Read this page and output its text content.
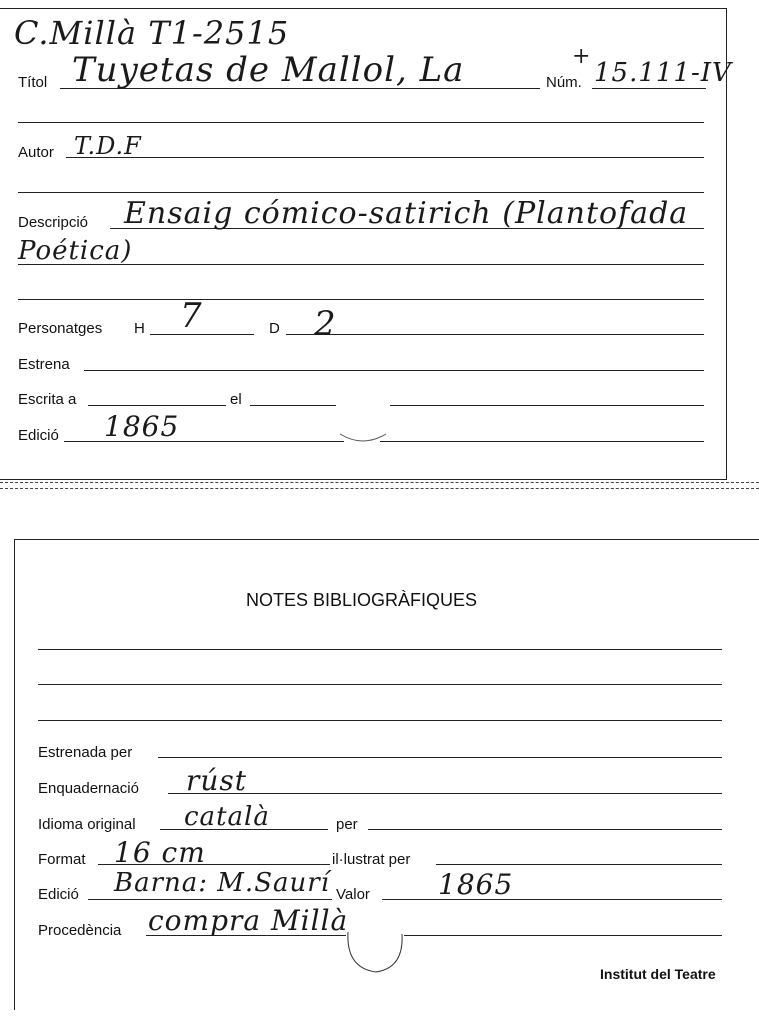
C.Millà T1-2515
Títol Tuyetas de Mallol, La	Núm.
+
15.111-IV
Autor T.D.F
Descripció Ensaig cómico-satirich (Plantofada
Poética)
Personatges H 7	D 2
Estrena
Escrita a	el
Edició 1865
NOTES BIBLIOGRÀFIQUES
Estrenada per
Enquadernació rúst
Idioma original català	per
Format 16 cm	il·lustrat per
Edició Barna: M.Saurí Valor 1865
Procedència compra Millà
Institut del Teatre
